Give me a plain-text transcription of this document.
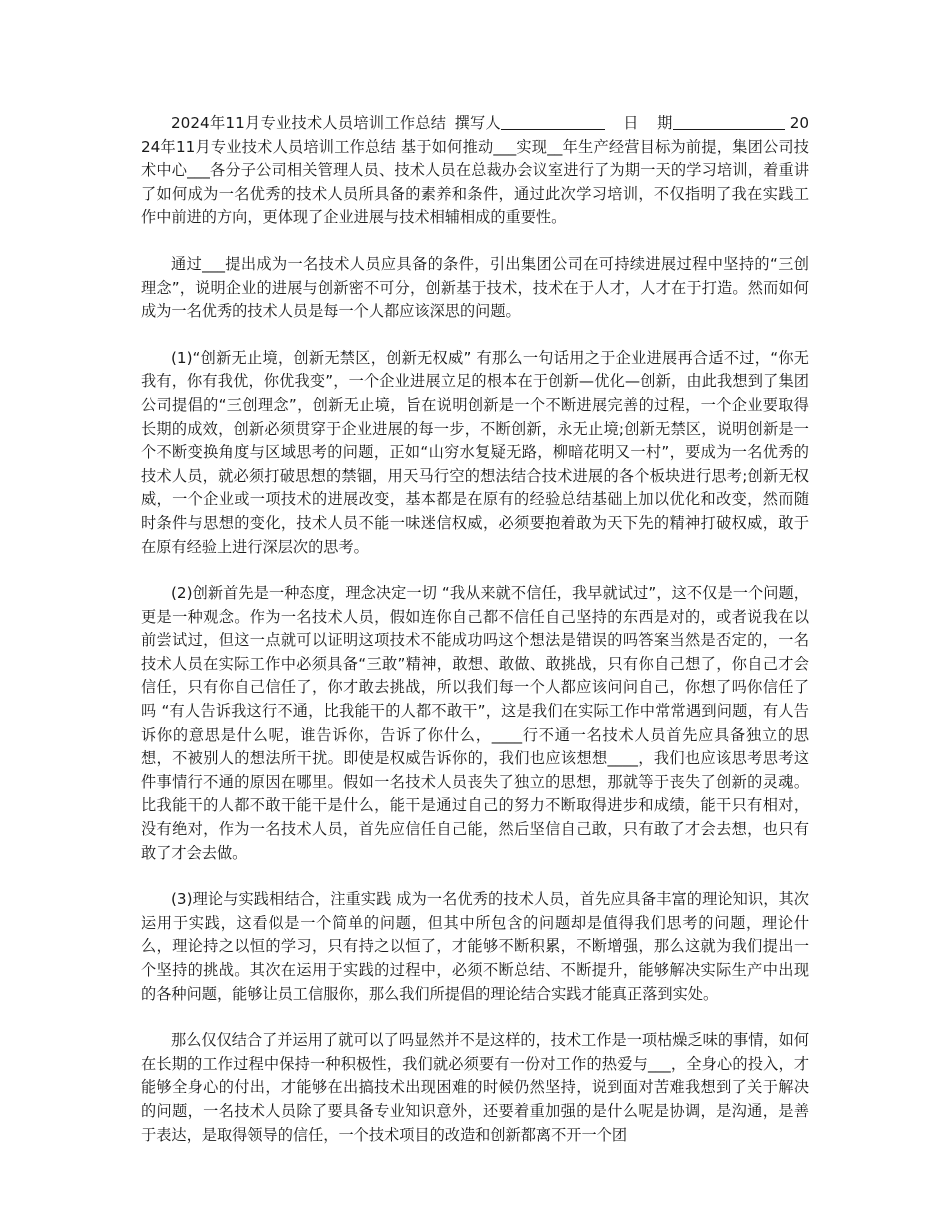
2024年11月专业技术人员培训工作总结 撰写人	日 期	2024年11月专业技术人员培训工作总结 基于如何推动___实现__年生产经营目标为前提，集团公司技术中心___各分子公司相关管理人员、技术人员在总裁办会议室进行了为期一天的学习培训，着重讲了如何成为一名优秀的技术人员所具备的素养和条件，通过此次学习培训，不仅指明了我在实践工作中前进的方向，更体现了企业进展与技术相辅相成的重要性。

通过___提出成为一名技术人员应具备的条件，引出集团公司在可持续进展过程中坚持的“三创理念”，说明企业的进展与创新密不可分，创新基于技术，技术在于人才，人才在于打造。然而如何成为一名优秀的技术人员是每一个人都应该深思的问题。

(1)“创新无止境，创新无禁区，创新无权威” 有那么一句话用之于企业进展再合适不过，“你无我有，你有我优，你优我变”，一个企业进展立足的根本在于创新—优化—创新，由此我想到了集团公司提倡的“三创理念”，创新无止境，旨在说明创新是一个不断进展完善的过程，一个企业要取得长期的成效，创新必须贯穿于企业进展的每一步，不断创新，永无止境;创新无禁区，说明创新是一个不断变换角度与区域思考的问题，正如“山穷水复疑无路，柳暗花明又一村”，要成为一名优秀的技术人员，就必须打破思想的禁锢，用天马行空的想法结合技术进展的各个板块进行思考;创新无权威，一个企业或一项技术的进展改变，基本都是在原有的经验总结基础上加以优化和改变，然而随时条件与思想的变化，技术人员不能一味迷信权威，必须要抱着敢为天下先的精神打破权威，敢于在原有经验上进行深层次的思考。

(2)创新首先是一种态度，理念决定一切 “我从来就不信任，我早就试过”，这不仅是一个问题，更是一种观念。作为一名技术人员，假如连你自己都不信任自己坚持的东西是对的，或者说我在以前尝试过，但这一点就可以证明这项技术不能成功吗这个想法是错误的吗答案当然是否定的，一名技术人员在实际工作中必须具备“三敢”精神，敢想、敢做、敢挑战，只有你自己想了，你自己才会信任，只有你自己信任了，你才敢去挑战，所以我们每一个人都应该问问自己，你想了吗你信任了吗 “有人告诉我这行不通，比我能干的人都不敢干”，这是我们在实际工作中常常遇到问题，有人告诉你的意思是什么呢，谁告诉你，告诉了你什么，____行不通一名技术人员首先应具备独立的思想，不被别人的想法所干扰。即使是权威告诉你的，我们也应该想想____，我们也应该思考思考这件事情行不通的原因在哪里。假如一名技术人员丧失了独立的思想，那就等于丧失了创新的灵魂。比我能干的人都不敢干能干是什么，能干是通过自己的努力不断取得进步和成绩，能干只有相对，没有绝对，作为一名技术人员，首先应信任自己能，然后坚信自己敢，只有敢了才会去想，也只有敢了才会去做。

(3)理论与实践相结合，注重实践 成为一名优秀的技术人员，首先应具备丰富的理论知识，其次运用于实践，这看似是一个简单的问题，但其中所包含的问题却是值得我们思考的问题，理论什么，理论持之以恒的学习，只有持之以恒了，才能够不断积累，不断增强，那么这就为我们提出一个坚持的挑战。其次在运用于实践的过程中，必须不断总结、不断提升，能够解决实际生产中出现的各种问题，能够让员工信服你，那么我们所提倡的理论结合实践才能真正落到实处。

那么仅仅结合了并运用了就可以了吗显然并不是这样的，技术工作是一项枯燥乏味的事情，如何在长期的工作过程中保持一种积极性，我们就必须要有一份对工作的热爱与___，全身心的投入，才能够全身心的付出，才能够在出搞技术出现困难的时候仍然坚持，说到面对苦难我想到了关于解决的问题，一名技术人员除了要具备专业知识意外，还要着重加强的是什么呢是协调，是沟通，是善于表达，是取得领导的信任，一个技术项目的改造和创新都离不开一个团
